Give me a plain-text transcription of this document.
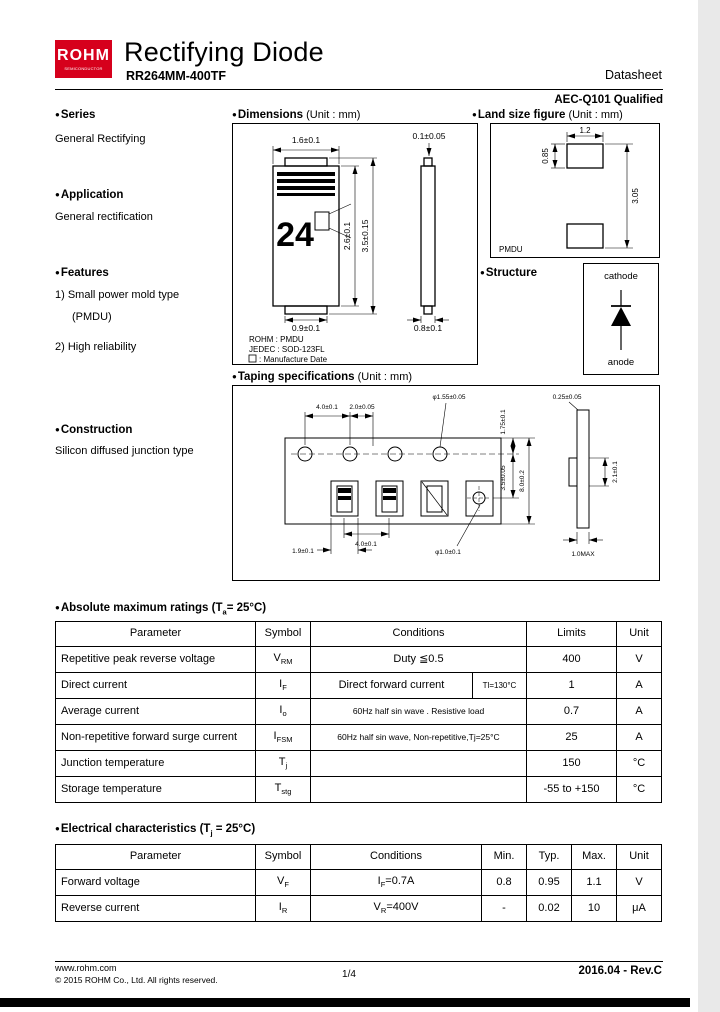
ROHM
SEMICONDUCTOR
Rectifying Diode
RR264MM-400TF	Datasheet
AEC-Q101 Qualified
●Series
General Rectifying
●Application
General rectification
●Features
1) Small power mold type
(PMDU)
2) High reliability
●Construction
Silicon diffused junction type
●Dimensions (Unit : mm)
24
1.6±0.1	0.1±0.05
2.6±0.1 3.5±0.15
0.9±0.1	0.8±0.1
ROHM : PMDU
JEDEC : SOD-123FL
: Manufacture Date
●Land size figure (Unit : mm)
1.2
0.85
3.05
PMDU
●Structure	cathode
anode
●Taping specifications (Unit : mm)
4.0±0.1 2.0±0.05
φ1.55±0.05
1.75±0.1
3.5±0.05 8.0±0.2
0.25±0.05
2.1±0.1
1.9±0.1
4.0±0.1
φ1.0±0.1	1.0MAX
●Absolute maximum ratings $(T_a= 25^\circ C)$
Parameter	Symbol	Conditions	Limits	Unit
Repetitive peak reverse voltage	$V_{RM}$	Duty ≦0.5	400	V
Direct current	$I_F$	Direct forward current Tl=130°C	1	A
Average current	$I_o$	60Hz half sin wave . Resistive load	0.7	A
Non-repetitive forward surge current	$I_{FSM}$	60Hz half sin wave, Non-repetitive,Tj=25°C	25	A
Junction temperature	$T_j$		150	°C
Storage temperature	$T_{stg}$		-55 to +150	°C
●Electrical characteristics $(T_j = 25^\circ C)$
Parameter	Symbol	Conditions	Min.	Typ.	Max.	Unit
Forward voltage	$V_F$	$I_F=0.7A$	0.8	0.95	1.1	V
Reverse current	$I_R$	$V_R=400V$	-	0.02	10	μA
www.rohm.com
© 2015 ROHM Co., Ltd. All rights reserved.	1/4	2016.04 - Rev.C
